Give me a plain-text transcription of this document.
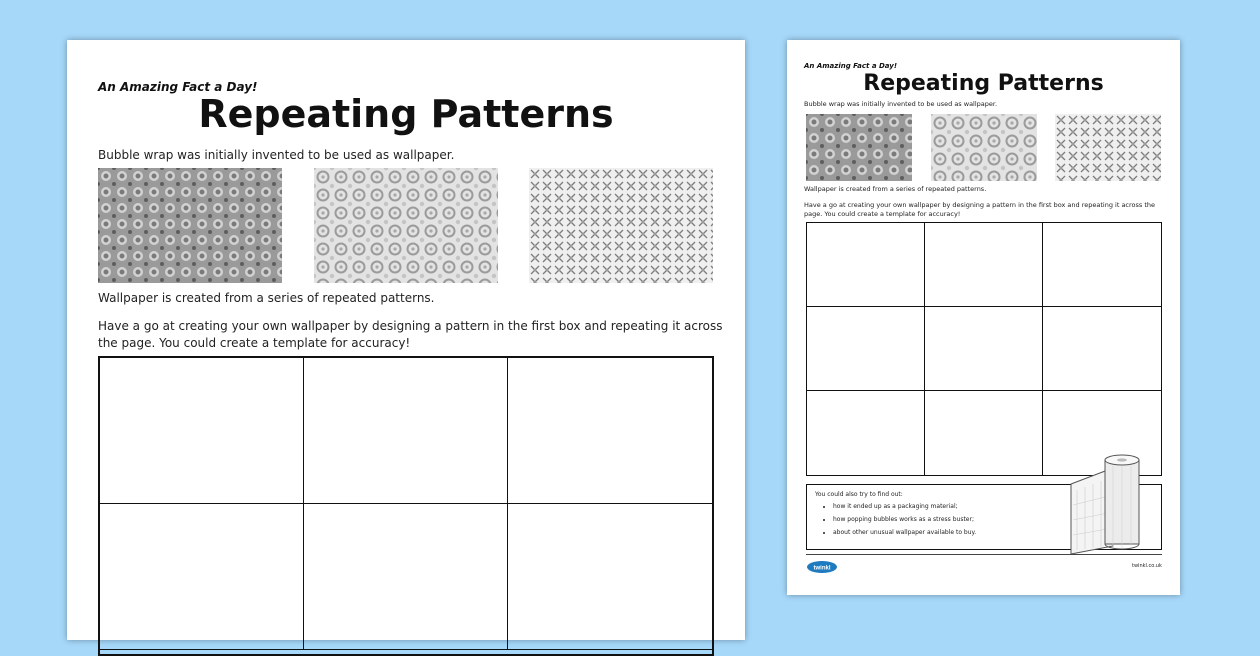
An Amazing Fact a Day!
Repeating Patterns
Bubble wrap was initially invented to be used as wallpaper.
Wallpaper is created from a series of repeated patterns.
Have a go at creating your own wallpaper by designing a pattern in the first box and repeating it across the page. You could create a template for accuracy!
An Amazing Fact a Day!
Repeating Patterns
Bubble wrap was initially invented to be used as wallpaper.
Wallpaper is created from a series of repeated patterns.
Have a go at creating your own wallpaper by designing a pattern in the first box and repeating it across the page. You could create a template for accuracy!
You could also try to find out:
• how it ended up as a packaging material;
• how popping bubbles works as a stress buster;
• about other unusual wallpaper available to buy.
twinkl	twinkl.co.uk
